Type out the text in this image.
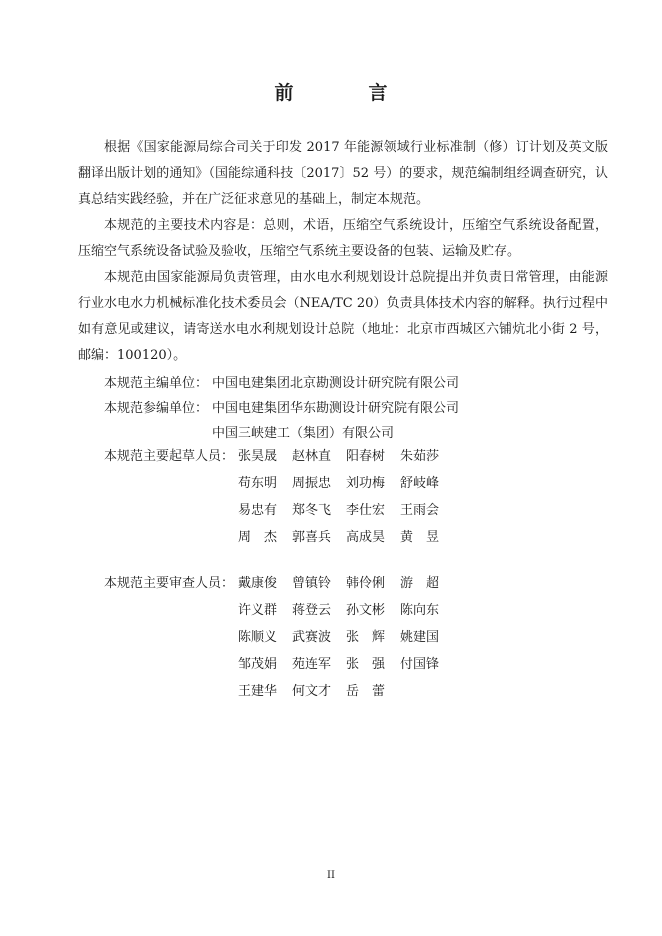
前　言

根据《国家能源局综合司关于印发 2017 年能源领域行业标准制（修）订计划及英文版翻译出版计划的通知》（国能综通科技〔2017〕52 号）的要求，规范编制组经调查研究，认真总结实践经验，并在广泛征求意见的基础上，制定本规范。

本规范的主要技术内容是：总则，术语，压缩空气系统设计，压缩空气系统设备配置，压缩空气系统设备试验及验收，压缩空气系统主要设备的包装、运输及贮存。

本规范由国家能源局负责管理，由水电水利规划设计总院提出并负责日常管理，由能源行业水电水力机械标准化技术委员会（NEA/TC 20）负责具体技术内容的解释。执行过程中如有意见或建议，请寄送水电水利规划设计总院（地址：北京市西城区六铺炕北小街 2 号，邮编：100120）。

本规范主编单位： 中国电建集团北京勘测设计研究院有限公司
本规范参编单位： 中国电建集团华东勘测设计研究院有限公司
中国三峡建工（集团）有限公司
本规范主要起草人员： 张昊晟	赵林直	阳春树	朱茹莎
苟东明	周振忠	刘功梅	舒岐峰
易忠有	郑冬飞	李仕宏	王雨会
周　杰	郭喜兵	高成昊	黄　昱
本规范主要审查人员： 戴康俊	曾镇铃	韩伶俐	游　超
许义群	蒋登云	孙文彬	陈向东
陈顺义	武赛波	张　辉	姚建国
邹茂娟	苑连军	张　强	付国锋
王建华	何文才	岳　蕾
II
